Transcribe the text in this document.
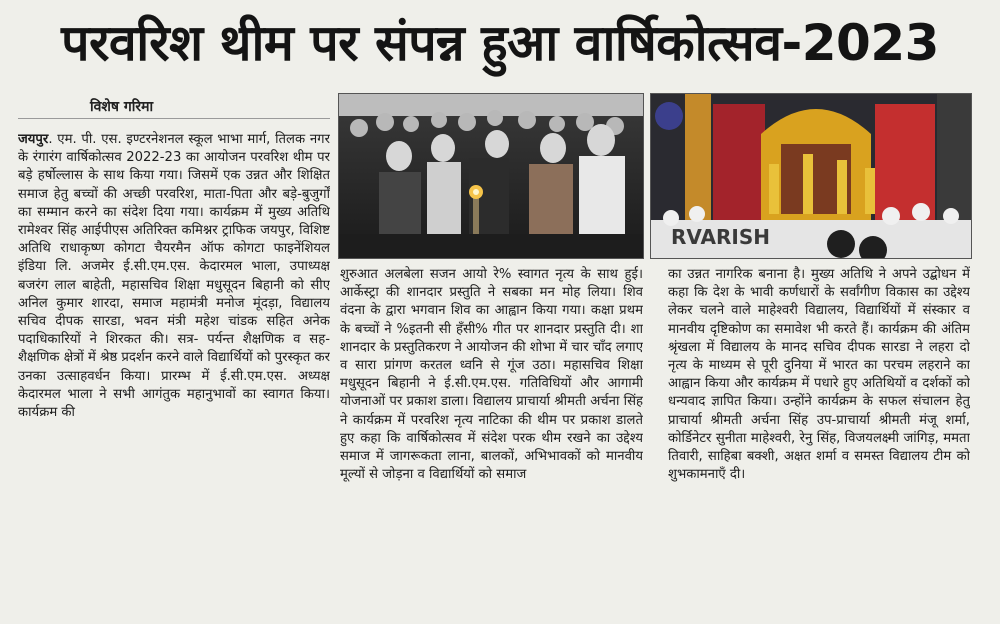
परवरिश थीम पर संपन्न हुआ वार्षिकोत्सव-2023
विशेष गरिमा
जयपुर. एम. पी. एस. इण्टरनेशनल स्कूल भाभा मार्ग, तिलक नगर के रंगारंग वार्षिकोत्सव 2022-23 का आयोजन परवरिश थीम पर बड़े हर्षोल्लास के साथ किया गया। जिसमें एक उन्नत और शिक्षित समाज हेतु बच्चों की अच्छी परवरिश, माता-पिता और बड़े-बुजुर्गों का सम्मान करने का संदेश दिया गया। कार्यक्रम में मुख्य अतिथि रामेश्वर सिंह आईपीएस अतिरिक्त कमिश्नर ट्राफिक जयपुर, विशिष्ट अतिथि राधाकृष्ण कोगटा चैयरमैन ऑफ कोगटा फाइनेंशियल इंडिया लि. अजमेर ई.सी.एम.एस. केदारमल भाला, उपाध्यक्ष बजरंग लाल बाहेती, महासचिव शिक्षा मधुसूदन बिहानी को सीए अनिल कुमार शारदा, समाज महामंत्री मनोज मूंदड़ा, विद्यालय सचिव दीपक सारडा, भवन मंत्री महेश चांडक सहित अनेक पदाधिकारियों ने शिरकत की। सत्र- पर्यन्त शैक्षणिक व सह-शैक्षणिक क्षेत्रों में श्रेष्ठ प्रदर्शन करने वाले विद्यार्थियों को पुरस्कृत कर उनका उत्साहवर्धन किया। प्रारम्भ में ई.सी.एम.एस. अध्यक्ष केदारमल भाला ने सभी आगंतुक महानुभावों का स्वागत किया। कार्यक्रम की
RVARISH
शुरुआत अलबेला सजन आयो रे% स्वागत नृत्य के साथ हुई। आर्केस्ट्रा की शानदार प्रस्तुति ने सबका मन मोह लिया। शिव वंदना के द्वारा भगवान शिव का आह्वान किया गया। कक्षा प्रथम के बच्चों ने %इतनी सी हँसी% गीत पर शानदार प्रस्तुति दी। शा शानदार के प्रस्तुतिकरण ने आयोजन की शोभा में चार चाँद लगाए व सारा प्रांगण करतल ध्वनि से गूंज उठा। महासचिव शिक्षा मधुसूदन बिहानी ने ई.सी.एम.एस. गतिविधियों और आगामी योजनाओं पर प्रकाश डाला। विद्यालय प्राचार्या श्रीमती अर्चना सिंह ने कार्यक्रम में परवरिश नृत्य नाटिका की थीम पर प्रकाश डालते हुए कहा कि वार्षिकोत्सव में संदेश परक थीम रखने का उद्देश्य समाज में जागरूकता लाना, बालकों, अभिभावकों को मानवीय मूल्यों से जोड़ना व विद्यार्थियों को समाज
का उन्नत नागरिक बनाना है। मुख्य अतिथि ने अपने उद्बोधन में कहा कि देश के भावी कर्णधारों के सर्वांगीण विकास का उद्देश्य लेकर चलने वाले माहेश्वरी विद्यालय, विद्यार्थियों में संस्कार व मानवीय दृष्टिकोण का समावेश भी करते हैं। कार्यक्रम की अंतिम श्रृंखला में विद्यालय के मानद सचिव दीपक सारडा ने लहरा दो नृत्य के माध्यम से पूरी दुनिया में भारत का परचम लहराने का आह्वान किया और कार्यक्रम में पधारे हुए अतिथियों व दर्शकों को धन्यवाद ज्ञापित किया। उन्होंने कार्यक्रम के सफल संचालन हेतु प्राचार्या श्रीमती अर्चना सिंह उप-प्राचार्या श्रीमती मंजू शर्मा, कोर्डिनेटर सुनीता माहेश्वरी, रेनु सिंह, विजयलक्ष्मी जांगिड़, ममता तिवारी, साहिबा बक्शी, अक्षत शर्मा व समस्त विद्यालय टीम को शुभकामनाएँ दी।
